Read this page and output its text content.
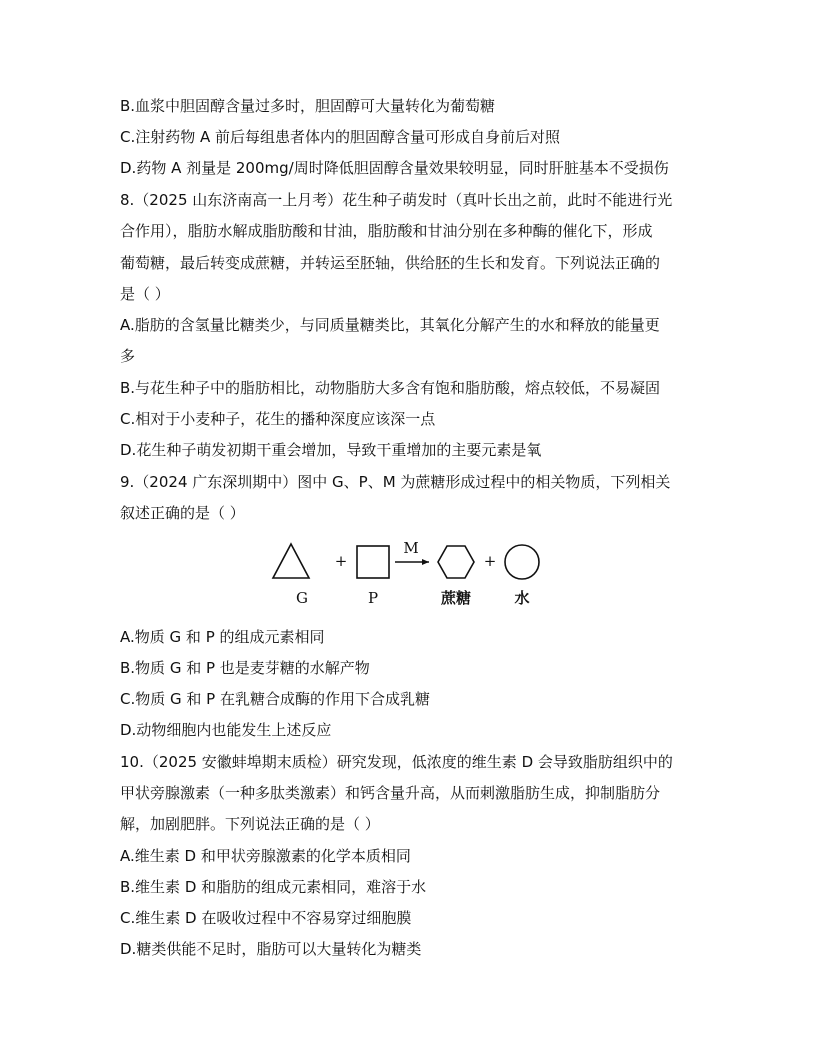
B.血浆中胆固醇含量过多时，胆固醇可大量转化为葡萄糖
C.注射药物 A 前后每组患者体内的胆固醇含量可形成自身前后对照
D.药物 A 剂量是 200mg/周时降低胆固醇含量效果较明显，同时肝脏基本不受损伤
8.（2025 山东济南高一上月考）花生种子萌发时（真叶长出之前，此时不能进行光
合作用），脂肪水解成脂肪酸和甘油，脂肪酸和甘油分别在多种酶的催化下，形成
葡萄糖，最后转变成蔗糖，并转运至胚轴，供给胚的生长和发育。下列说法正确的
是（ ）
A.脂肪的含氢量比糖类少，与同质量糖类比，其氧化分解产生的水和释放的能量更
多
B.与花生种子中的脂肪相比，动物脂肪大多含有饱和脂肪酸，熔点较低，不易凝固
C.相对于小麦种子，花生的播种深度应该深一点
D.花生种子萌发初期干重会增加，导致干重增加的主要元素是氧
9.（2024 广东深圳期中）图中 G、P、M 为蔗糖形成过程中的相关物质，下列相关
叙述正确的是（ ）
G
+
P
M
蔗糖
+
水
A.物质 G 和 P 的组成元素相同
B.物质 G 和 P 也是麦芽糖的水解产物
C.物质 G 和 P 在乳糖合成酶的作用下合成乳糖
D.动物细胞内也能发生上述反应
10.（2025 安徽蚌埠期末质检）研究发现，低浓度的维生素 D 会导致脂肪组织中的
甲状旁腺激素（一种多肽类激素）和钙含量升高，从而刺激脂肪生成，抑制脂肪分
解，加剧肥胖。下列说法正确的是（ ）
A.维生素 D 和甲状旁腺激素的化学本质相同
B.维生素 D 和脂肪的组成元素相同，难溶于水
C.维生素 D 在吸收过程中不容易穿过细胞膜
D.糖类供能不足时，脂肪可以大量转化为糖类
